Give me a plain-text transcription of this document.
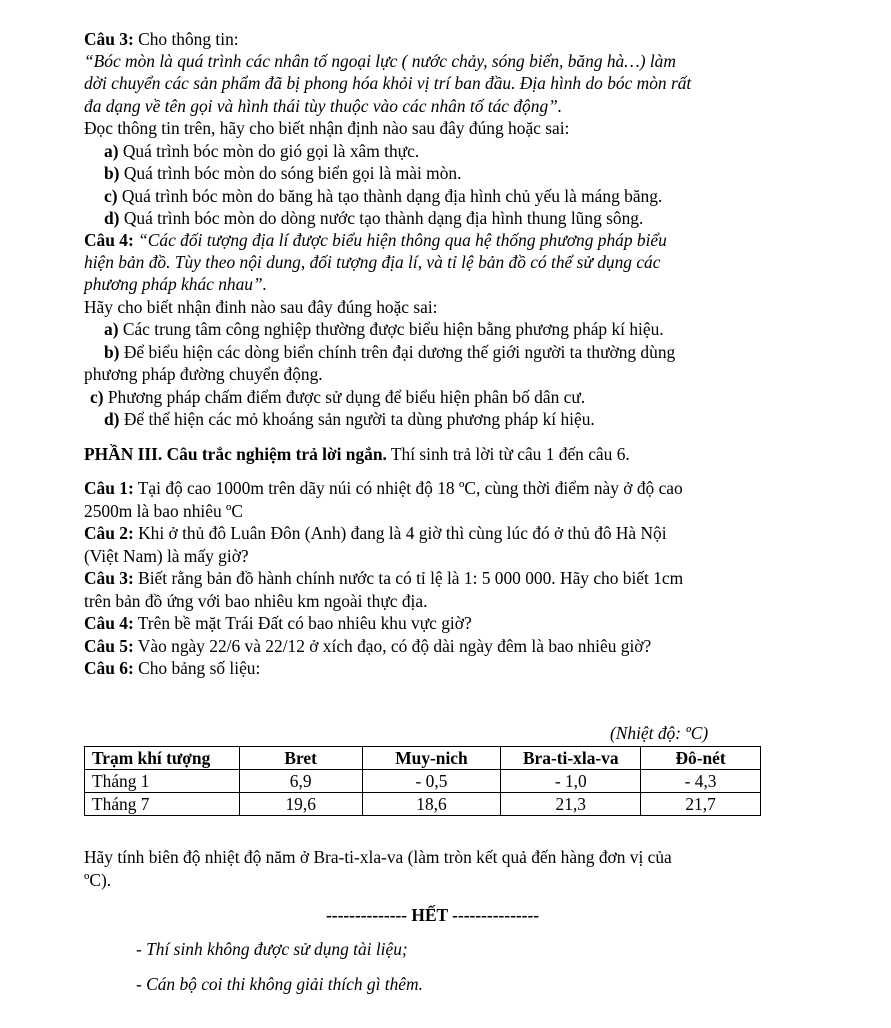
Câu 3: Cho thông tin:
“Bóc mòn là quá trình các nhân tố ngoại lực ( nước chảy, sóng biển, băng hà…) làm
dời chuyển các sản phẩm đã bị phong hóa khỏi vị trí ban đầu. Địa hình do bóc mòn rất
đa dạng về tên gọi và hình thái tùy thuộc vào các nhân tố tác động”.
Đọc thông tin trên, hãy cho biết nhận định nào sau đây đúng hoặc sai:
a) Quá trình bóc mòn do gió gọi là xâm thực.
b) Quá trình bóc mòn do sóng biển gọi là mài mòn.
c) Quá trình bóc mòn do băng hà tạo thành dạng địa hình chủ yếu là máng băng.
d) Quá trình bóc mòn do dòng nước tạo thành dạng địa hình thung lũng sông.
Câu 4: “Các đối tượng địa lí được biểu hiện thông qua hệ thống phương pháp biểu
hiện bản đồ. Tùy theo nội dung, đối tượng địa lí, và tỉ lệ bản đồ có thể sử dụng các
phương pháp khác nhau”.
Hãy cho biết nhận đinh nào sau đây đúng hoặc sai:
a) Các trung tâm công nghiệp thường được biểu hiện bằng phương pháp kí hiệu.
b) Để biểu hiện các dòng biển chính trên đại dương thế giới người ta thường dùng
phương pháp đường chuyển động.
c) Phương pháp chấm điểm được sử dụng để biểu hiện phân bố dân cư.
d) Để thể hiện các mỏ khoáng sản người ta dùng phương pháp kí hiệu.
PHẦN III. Câu trắc nghiệm trả lời ngắn. Thí sinh trả lời từ câu 1 đến câu 6.
Câu 1: Tại độ cao 1000m trên dãy núi có nhiệt độ 18 ºC, cùng thời điểm này ở độ cao
2500m là bao nhiêu ºC
Câu 2: Khi ở thủ đô Luân Đôn (Anh) đang là 4 giờ thì cùng lúc đó ở thủ đô Hà Nội
(Việt Nam) là mấy giờ?
Câu 3: Biết rằng bản đồ hành chính nước ta có tỉ lệ là 1: 5 000 000. Hãy cho biết 1cm
trên bản đồ ứng với bao nhiêu km ngoài thực địa.
Câu 4: Trên bề mặt Trái Đất có bao nhiêu khu vực giờ?
Câu 5: Vào ngày 22/6 và 22/12 ở xích đạo, có độ dài ngày đêm là bao nhiêu giờ?
Câu 6: Cho bảng số liệu:
(Nhiệt độ: ºC)
Trạm khí tượng	Bret	Muy-nich	Bra-ti-xla-va	Đô-nét
Tháng 1	6,9	- 0,5	- 1,0	- 4,3
Tháng 7	19,6	18,6	21,3	21,7
Hãy tính biên độ nhiệt độ năm ở Bra-ti-xla-va (làm tròn kết quả đến hàng đơn vị của
ºC).
-------------- HẾT ---------------
- Thí sinh không được sử dụng tài liệu;
- Cán bộ coi thi không giải thích gì thêm.
